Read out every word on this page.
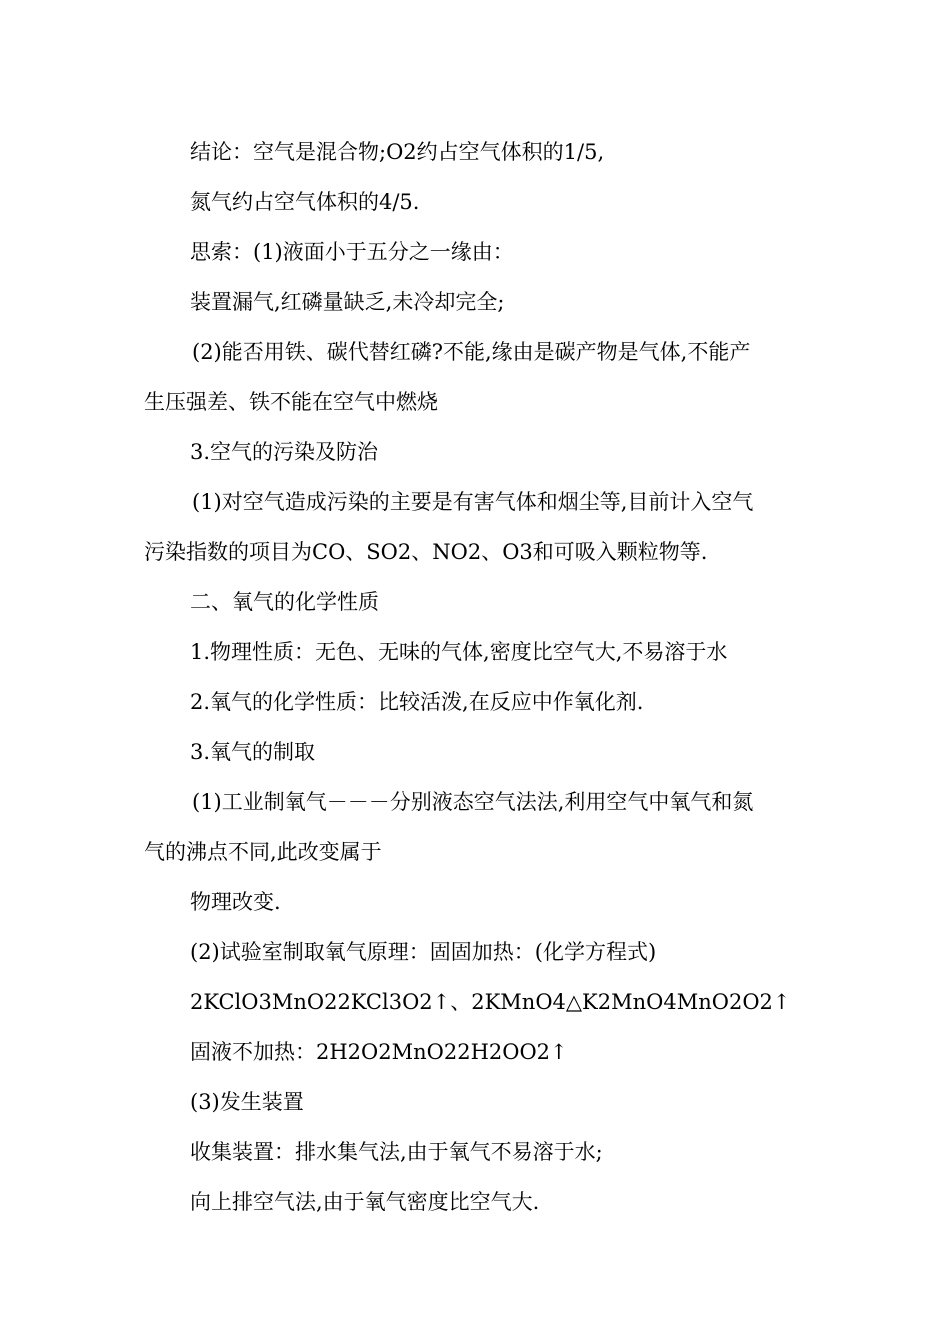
结论：空气是混合物;O2约占空气体积的1/5,
氮气约占空气体积的4/5.
思索：(1)液面小于五分之一缘由：
装置漏气,红磷量缺乏,未冷却完全;
(2)能否用铁、碳代替红磷?不能,缘由是碳产物是气体,不能产
生压强差、铁不能在空气中燃烧
3.空气的污染及防治
(1)对空气造成污染的主要是有害气体和烟尘等,目前计入空气
污染指数的项目为CO、SO2、NO2、O3和可吸入颗粒物等.
二、氧气的化学性质
1.物理性质：无色、无味的气体,密度比空气大,不易溶于水
2.氧气的化学性质：比较活泼,在反应中作氧化剂.
3.氧气的制取
(1)工业制氧气－－－分别液态空气法法,利用空气中氧气和氮
气的沸点不同,此改变属于
物理改变.
(2)试验室制取氧气原理：固固加热：(化学方程式)
2KClO3MnO22KCl3O2↑、2KMnO4△K2MnO4MnO2O2↑
固液不加热：2H2O2MnO22H2OO2↑
(3)发生装置
收集装置：排水集气法,由于氧气不易溶于水;
向上排空气法,由于氧气密度比空气大.
